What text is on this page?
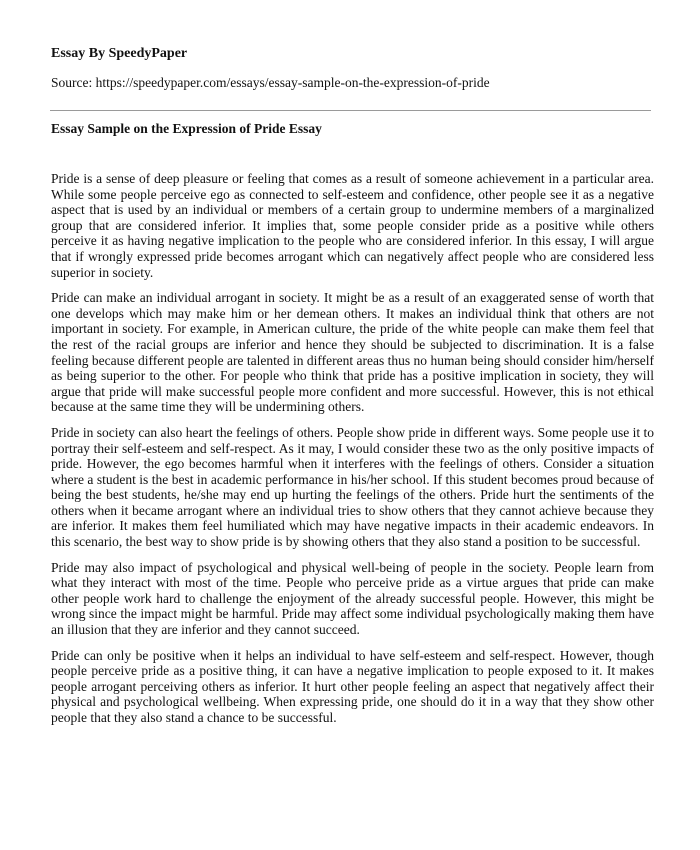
Essay By SpeedyPaper
Source: https://speedypaper.com/essays/essay-sample-on-the-expression-of-pride
Essay Sample on the Expression of Pride Essay

Pride is a sense of deep pleasure or feeling that comes as a result of someone achievement in a particular area. While some people perceive ego as connected to self-esteem and confidence, other people see it as a negative aspect that is used by an individual or members of a certain group to undermine members of a marginalized group that are considered inferior. It implies that, some people consider pride as a positive while others perceive it as having negative implication to the people who are considered inferior. In this essay, I will argue that if wrongly expressed pride becomes arrogant which can negatively affect people who are considered less superior in society.

Pride can make an individual arrogant in society. It might be as a result of an exaggerated sense of worth that one develops which may make him or her demean others. It makes an individual think that others are not important in society. For example, in American culture, the pride of the white people can make them feel that the rest of the racial groups are inferior and hence they should be subjected to discrimination. It is a false feeling because different people are talented in different areas thus no human being should consider him/herself as being superior to the other. For people who think that pride has a positive implication in society, they will argue that pride will make successful people more confident and more successful. However, this is not ethical because at the same time they will be undermining others.

Pride in society can also heart the feelings of others. People show pride in different ways. Some people use it to portray their self-esteem and self-respect. As it may, I would consider these two as the only positive impacts of pride. However, the ego becomes harmful when it interferes with the feelings of others. Consider a situation where a student is the best in academic performance in his/her school. If this student becomes proud because of being the best students, he/she may end up hurting the feelings of the others. Pride hurt the sentiments of the others when it became arrogant where an individual tries to show others that they cannot achieve because they are inferior. It makes them feel humiliated which may have negative impacts in their academic endeavors. In this scenario, the best way to show pride is by showing others that they also stand a position to be successful.

Pride may also impact of psychological and physical well-being of people in the society. People learn from what they interact with most of the time. People who perceive pride as a virtue argues that pride can make other people work hard to challenge the enjoyment of the already successful people. However, this might be wrong since the impact might be harmful. Pride may affect some individual psychologically making them have an illusion that they are inferior and they cannot succeed.

Pride can only be positive when it helps an individual to have self-esteem and self-respect. However, though people perceive pride as a positive thing, it can have a negative implication to people exposed to it. It makes people arrogant perceiving others as inferior. It hurt other people feeling an aspect that negatively affect their physical and psychological wellbeing. When expressing pride, one should do it in a way that they show other people that they also stand a chance to be successful.
